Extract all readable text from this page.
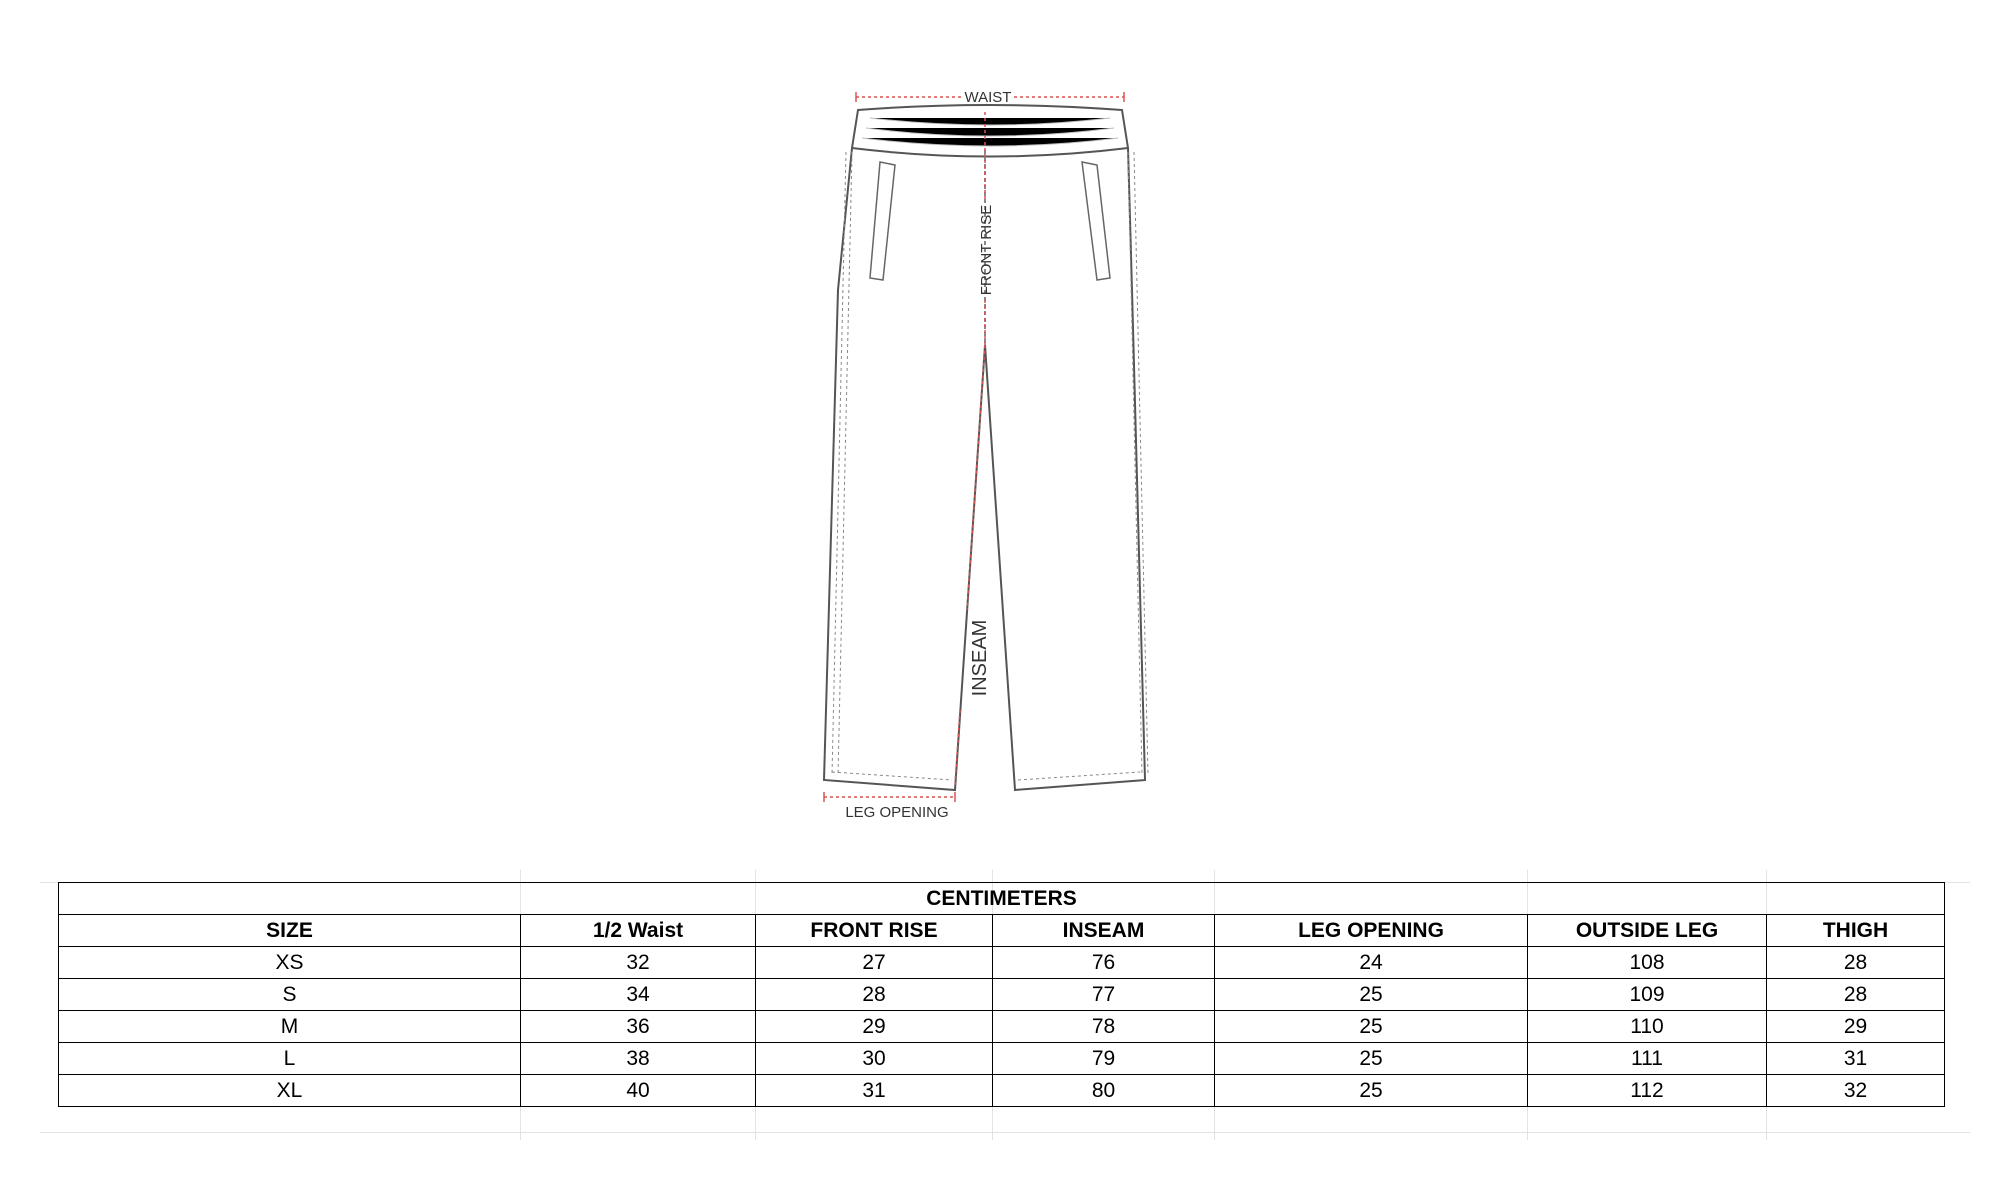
WAIST
FRONT RISE
INSEAM
LEG OPENING
CENTIMETERS						
SIZE	1/2 Waist	FRONT RISE	INSEAM	LEG OPENING	OUTSIDE LEG	THIGH
XS	32	27	76	24	108	28
S	34	28	77	25	109	28
M	36	29	78	25	110	29
L	38	30	79	25	111	31
XL	40	31	80	25	112	32
